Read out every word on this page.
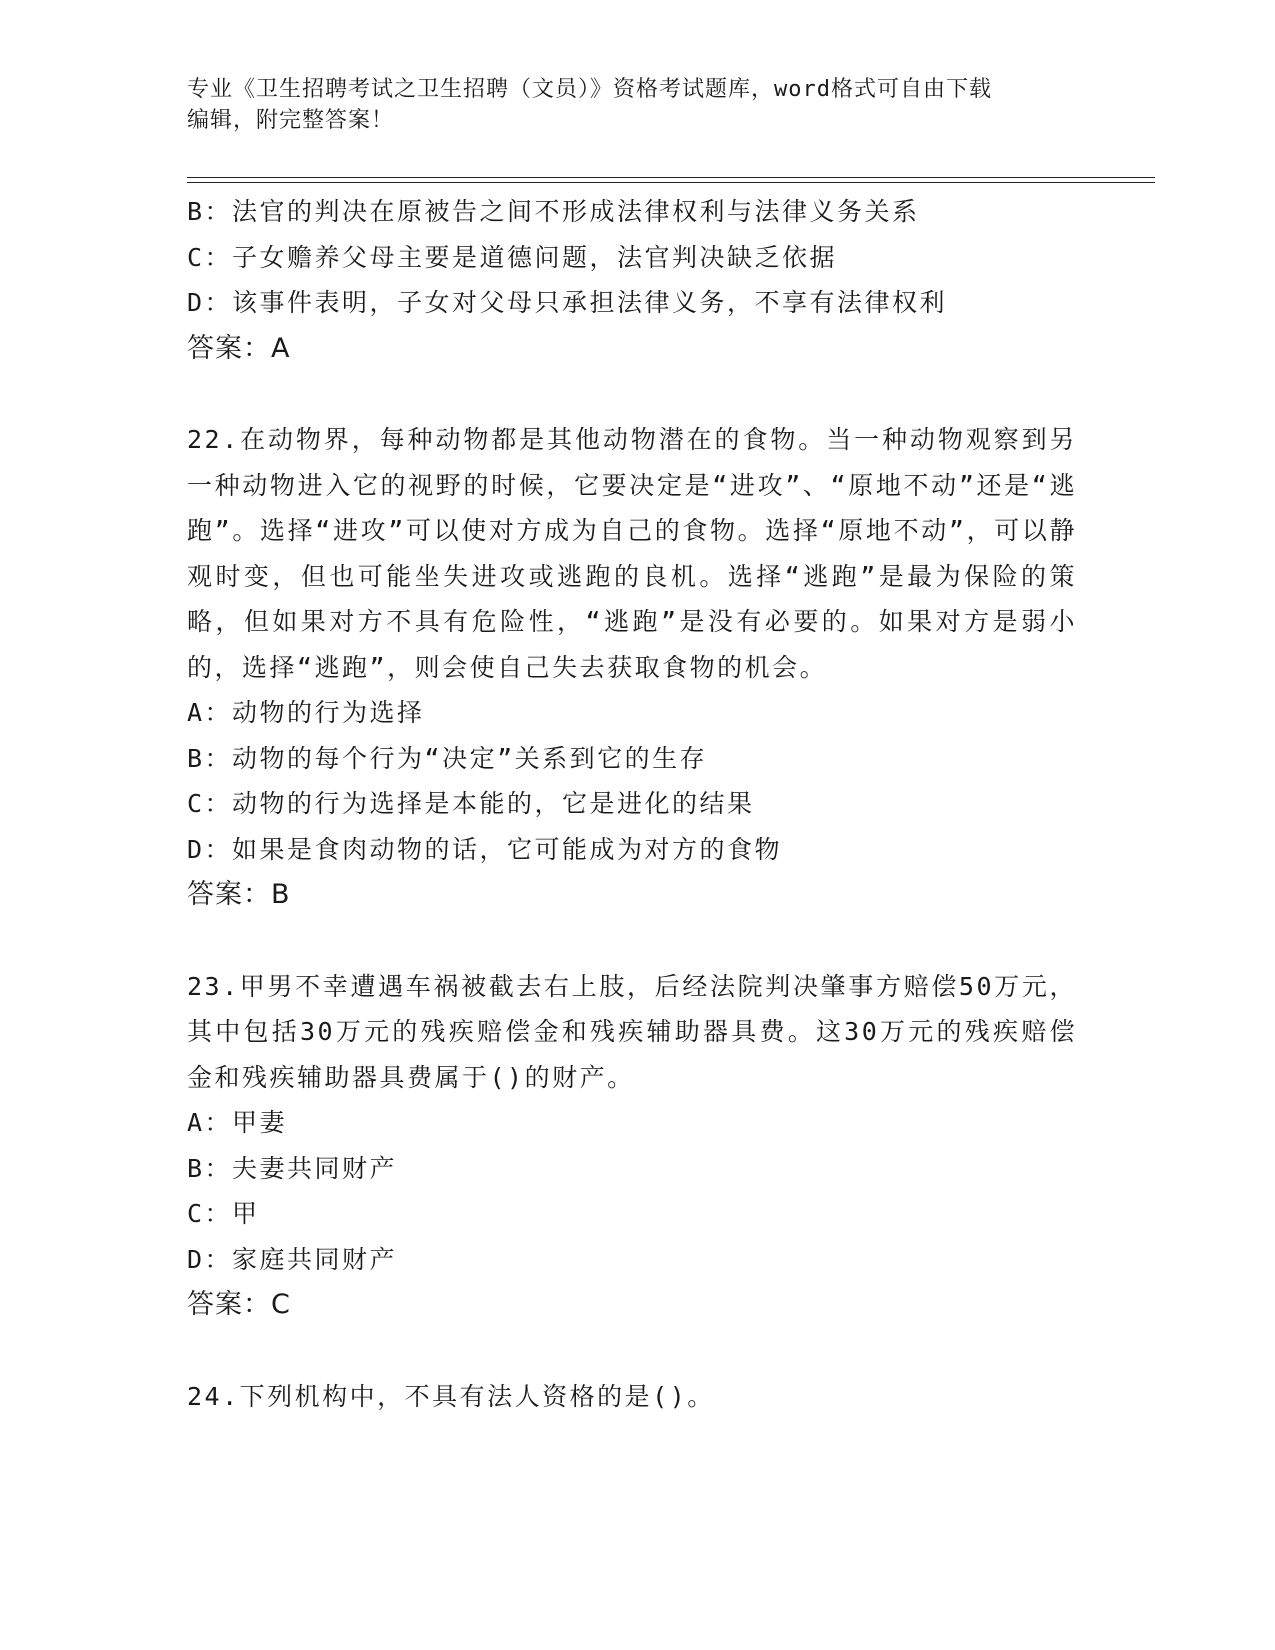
专业《卫生招聘考试之卫生招聘（文员）》资格考试题库，word格式可自由下载
编辑，附完整答案！
B：法官的判决在原被告之间不形成法律权利与法律义务关系
C：子女赡养父母主要是道德问题，法官判决缺乏依据
D：该事件表明，子女对父母只承担法律义务，不享有法律权利
答案：A
22.在动物界，每种动物都是其他动物潜在的食物。当一种动物观察到另一种动物进入它的视野的时候，它要决定是“进攻”、“原地不动”还是“逃跑”。选择“进攻”可以使对方成为自己的食物。选择“原地不动”，可以静观时变，但也可能坐失进攻或逃跑的良机。选择“逃跑”是最为保险的策略，但如果对方不具有危险性，“逃跑”是没有必要的。如果对方是弱小的，选择“逃跑”，则会使自己失去获取食物的机会。
A：动物的行为选择
B：动物的每个行为“决定”关系到它的生存
C：动物的行为选择是本能的，它是进化的结果
D：如果是食肉动物的话，它可能成为对方的食物
答案：B
23.甲男不幸遭遇车祸被截去右上肢，后经法院判决肇事方赔偿50万元，其中包括30万元的残疾赔偿金和残疾辅助器具费。这30万元的残疾赔偿金和残疾辅助器具费属于()的财产。
A：甲妻
B：夫妻共同财产
C：甲
D：家庭共同财产
答案：C
24.下列机构中，不具有法人资格的是()。
